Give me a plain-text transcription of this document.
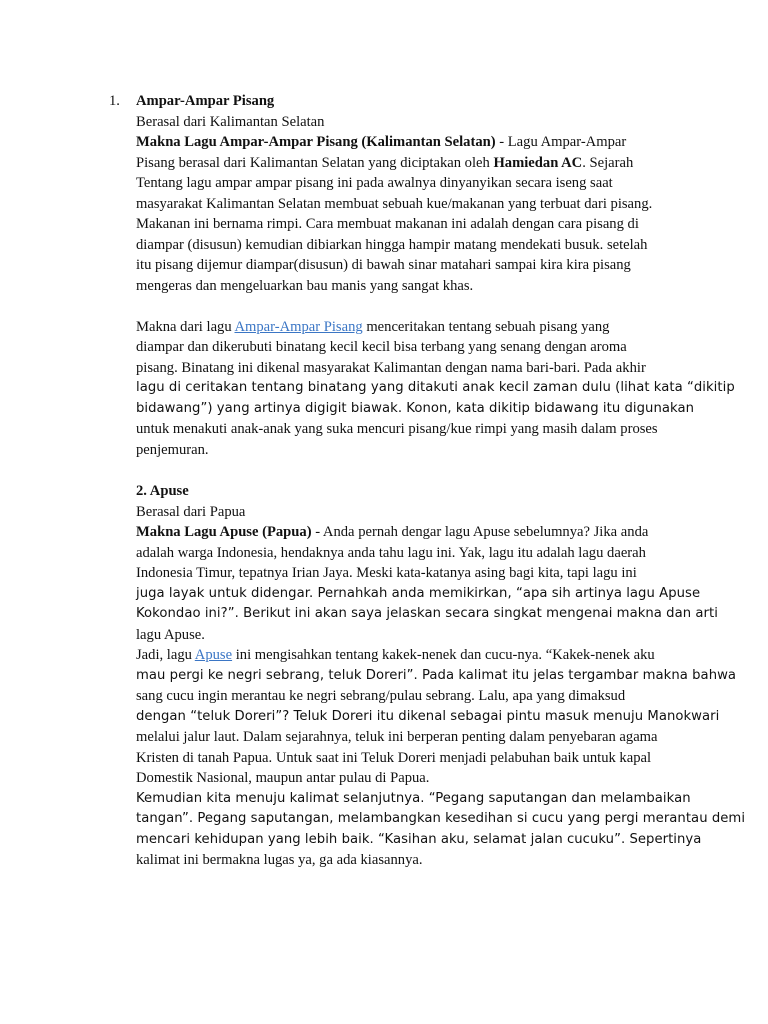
1. Ampar-Ampar Pisang
Berasal dari Kalimantan Selatan
Makna Lagu Ampar-Ampar Pisang (Kalimantan Selatan) - Lagu Ampar-Ampar
Pisang berasal dari Kalimantan Selatan yang diciptakan oleh Hamiedan AC. Sejarah
Tentang lagu ampar ampar pisang ini pada awalnya dinyanyikan secara iseng saat
masyarakat Kalimantan Selatan membuat sebuah kue/makanan yang terbuat dari pisang.
Makanan ini bernama rimpi. Cara membuat makanan ini adalah dengan cara pisang di
diampar (disusun) kemudian dibiarkan hingga hampir matang mendekati busuk. setelah
itu pisang dijemur diampar(disusun) di bawah sinar matahari sampai kira kira pisang
mengeras dan mengeluarkan bau manis yang sangat khas.
Makna dari lagu Ampar-Ampar Pisang menceritakan tentang sebuah pisang yang
diampar dan dikerubuti binatang kecil kecil bisa terbang yang senang dengan aroma
pisang. Binatang ini dikenal masyarakat Kalimantan dengan nama bari-bari. Pada akhir
lagu di ceritakan tentang binatang yang ditakuti anak kecil zaman dulu (lihat kata “dikitip
bidawang”) yang artinya digigit biawak. Konon, kata dikitip bidawang itu digunakan
untuk menakuti anak-anak yang suka mencuri pisang/kue rimpi yang masih dalam proses
penjemuran.
2. Apuse
Berasal dari Papua
Makna Lagu Apuse (Papua) - Anda pernah dengar lagu Apuse sebelumnya? Jika anda
adalah warga Indonesia, hendaknya anda tahu lagu ini. Yak, lagu itu adalah lagu daerah
Indonesia Timur, tepatnya Irian Jaya. Meski kata-katanya asing bagi kita, tapi lagu ini
juga layak untuk didengar. Pernahkah anda memikirkan, “apa sih artinya lagu Apuse
Kokondao ini?”. Berikut ini akan saya jelaskan secara singkat mengenai makna dan arti
lagu Apuse.
Jadi, lagu Apuse ini mengisahkan tentang kakek-nenek dan cucu-nya. “Kakek-nenek aku
mau pergi ke negri sebrang, teluk Doreri”. Pada kalimat itu jelas tergambar makna bahwa
sang cucu ingin merantau ke negri sebrang/pulau sebrang. Lalu, apa yang dimaksud
dengan “teluk Doreri”? Teluk Doreri itu dikenal sebagai pintu masuk menuju Manokwari
melalui jalur laut. Dalam sejarahnya, teluk ini berperan penting dalam penyebaran agama
Kristen di tanah Papua. Untuk saat ini Teluk Doreri menjadi pelabuhan baik untuk kapal
Domestik Nasional, maupun antar pulau di Papua.
Kemudian kita menuju kalimat selanjutnya. “Pegang saputangan dan melambaikan
tangan”. Pegang saputangan, melambangkan kesedihan si cucu yang pergi merantau demi
mencari kehidupan yang lebih baik. “Kasihan aku, selamat jalan cucuku”. Sepertinya
kalimat ini bermakna lugas ya, ga ada kiasannya.
